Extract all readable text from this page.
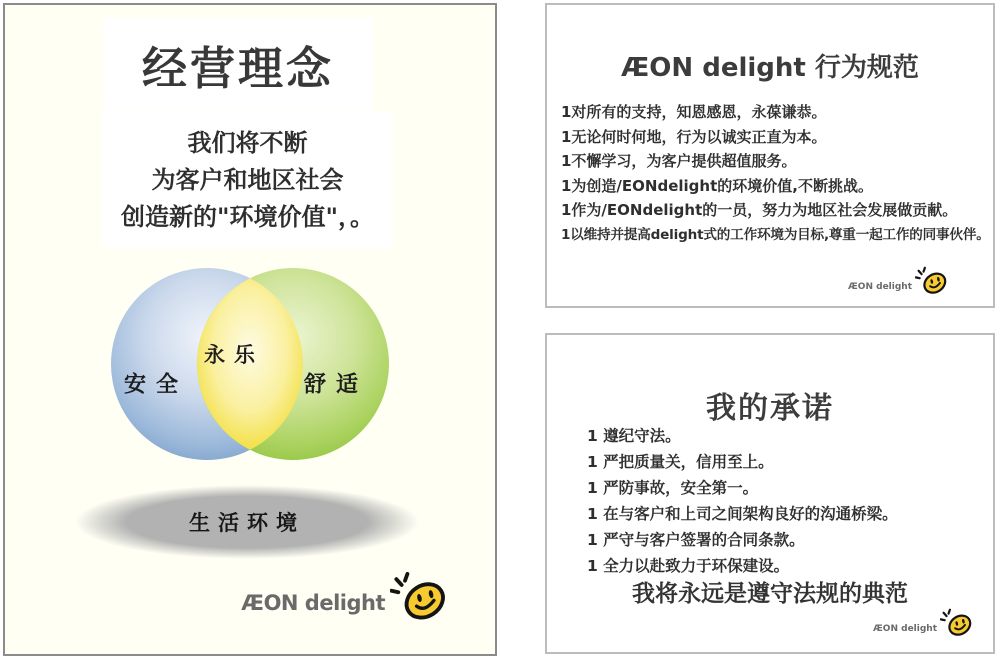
经营理念

我们将不断

为客户和地区社会

创造新的"环境价值"，。

安全
永乐
舒适
生活环境
ÆON delight
ÆON delight 行为规范
1对所有的支持，知恩感恩，永葆谦恭。
1无论何时何地，行为以诚实正直为本。
1不懈学习，为客户提供超值服务。
1为创造/EONdelight的环境价值,不断挑战。
1作为/EONdelight的一员，努力为地区社会发展做贡献。
1以维持并提高delight式的工作环境为目标,尊重一起工作的同事伙伴。
ÆON delight
我的承诺
1 遵纪守法。
1 严把质量关，信用至上。
1 严防事故，安全第一。
1 在与客户和上司之间架构良好的沟通桥梁。
1 严守与客户签署的合同条款。
1 全力以赴致力于环保建设。

我将永远是遵守法规的典范

ÆON delight
